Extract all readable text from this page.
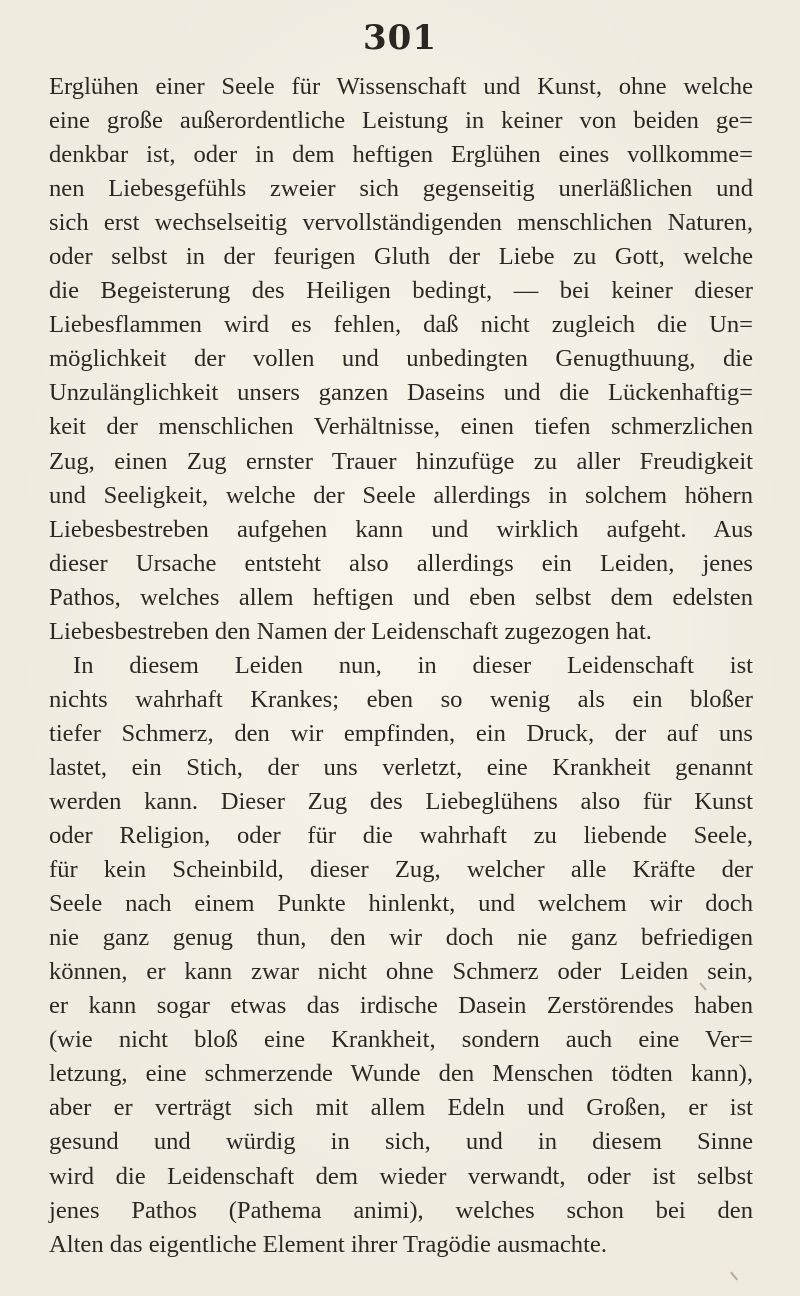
301
Erglühen einer Seele für Wissenschaft und Kunst, ohne welche
eine große außerordentliche Leistung in keiner von beiden ge=
denkbar ist, oder in dem heftigen Erglühen eines vollkomme=
nen Liebesgefühls zweier sich gegenseitig unerläßlichen und
sich erst wechselseitig vervollständigenden menschlichen Naturen,
oder selbst in der feurigen Gluth der Liebe zu Gott, welche
die Begeisterung des Heiligen bedingt, — bei keiner dieser
Liebesflammen wird es fehlen, daß nicht zugleich die Un=
möglichkeit der vollen und unbedingten Genugthuung, die
Unzulänglichkeit unsers ganzen Daseins und die Lückenhaftig=
keit der menschlichen Verhältnisse, einen tiefen schmerzlichen
Zug, einen Zug ernster Trauer hinzufüge zu aller Freudigkeit
und Seeligkeit, welche der Seele allerdings in solchem höhern
Liebesbestreben aufgehen kann und wirklich aufgeht. Aus
dieser Ursache entsteht also allerdings ein Leiden, jenes
Pathos, welches allem heftigen und eben selbst dem edelsten
Liebesbestreben den Namen der Leidenschaft zugezogen hat.
In diesem Leiden nun, in dieser Leidenschaft ist
nichts wahrhaft Krankes; eben so wenig als ein bloßer
tiefer Schmerz, den wir empfinden, ein Druck, der auf uns
lastet, ein Stich, der uns verletzt, eine Krankheit genannt
werden kann. Dieser Zug des Liebeglühens also für Kunst
oder Religion, oder für die wahrhaft zu liebende Seele,
für kein Scheinbild, dieser Zug, welcher alle Kräfte der
Seele nach einem Punkte hinlenkt, und welchem wir doch
nie ganz genug thun, den wir doch nie ganz befriedigen
können, er kann zwar nicht ohne Schmerz oder Leiden sein,
er kann sogar etwas das irdische Dasein Zerstörendes haben
(wie nicht bloß eine Krankheit, sondern auch eine Ver=
letzung, eine schmerzende Wunde den Menschen tödten kann),
aber er verträgt sich mit allem Edeln und Großen, er ist
gesund und würdig in sich, und in diesem Sinne
wird die Leidenschaft dem wieder verwandt, oder ist selbst
jenes Pathos (Pathema animi), welches schon bei den
Alten das eigentliche Element ihrer Tragödie ausmachte.
